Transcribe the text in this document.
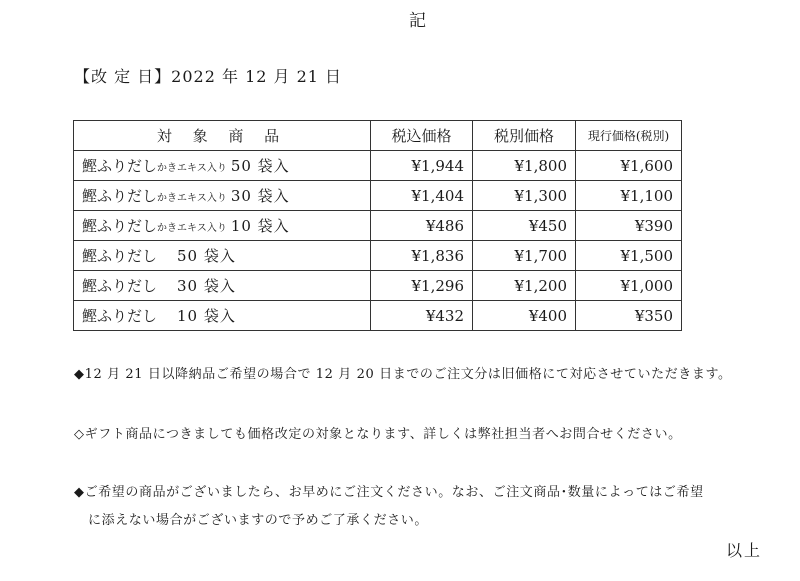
記
【改 定 日】2022 年 12 月 21 日
対 象 商 品	税込価格	税別価格	現行価格(税別)
鰹ふりだしかきエキス入り 50 袋入	¥1,944	¥1,800	¥1,600
鰹ふりだしかきエキス入り 30 袋入	¥1,404	¥1,300	¥1,100
鰹ふりだしかきエキス入り 10 袋入	¥486	¥450	¥390
鰹ふりだし 50 袋入	¥1,836	¥1,700	¥1,500
鰹ふりだし 30 袋入	¥1,296	¥1,200	¥1,000
鰹ふりだし 10 袋入	¥432	¥400	¥350
◆12 月 21 日以降納品ご希望の場合で 12 月 20 日までのご注文分は旧価格にて対応させていただきます。
◇ギフト商品につきましても価格改定の対象となります、詳しくは弊社担当者へお問合せください。
◆ご希望の商品がございましたら、お早めにご注文ください。なお、ご注文商品･数量によってはご希望
に添えない場合がございますので予めご了承ください。
以上
